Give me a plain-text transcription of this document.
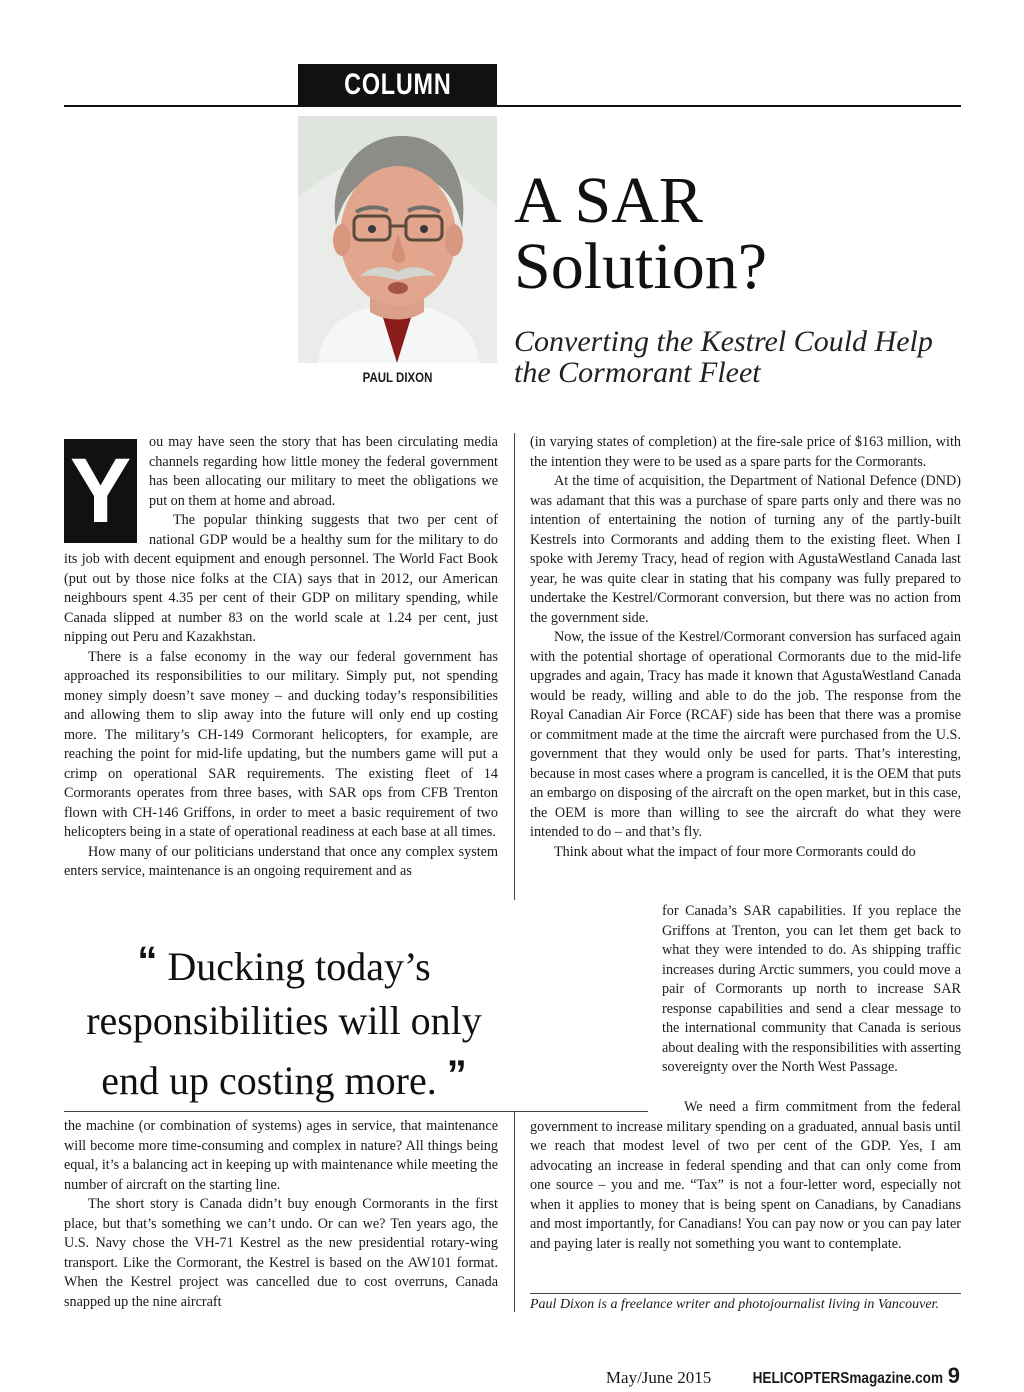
COLUMN
PAUL DIXON
A SAR
Solution?
Converting the Kestrel Could Help the Cormorant Fleet
Y	ou may have seen the story that has been circulating media channels regarding how little money the federal government has been allocating our military to meet the obligations we put on them at home and abroad.

The popular thinking suggests that two per cent of national GDP would be a healthy sum for the military to do its job with decent equipment and enough personnel. The World Fact Book (put out by those nice folks at the CIA) says that in 2012, our American neighbours spent 4.35 per cent of their GDP on military spending, while Canada slipped at number 83 on the world scale at 1.24 per cent, just nipping out Peru and Kazakhstan.

There is a false economy in the way our federal government has approached its responsibilities to our military. Simply put, not spending money simply doesn’t save money – and ducking today’s responsibilities and allowing them to slip away into the future will only end up costing more. The military’s CH-149 Cormorant helicopters, for example, are reaching the point for mid-life updating, but the numbers game will put a crimp on operational SAR requirements. The existing fleet of 14 Cormorants operates from three bases, with SAR ops from CFB Trenton flown with CH-146 Griffons, in order to meet a basic requirement of two helicopters being in a state of operational readiness at each base at all times.

How many of our politicians understand that once any complex system enters service, maintenance is an ongoing requirement and as

“ Ducking today’s responsibilities will only end up costing more. ”

the machine (or combination of systems) ages in service, that maintenance will become more time-consuming and complex in nature? All things being equal, it’s a balancing act in keeping up with maintenance while meeting the number of aircraft on the starting line.

The short story is Canada didn’t buy enough Cormorants in the first place, but that’s something we can’t undo. Or can we? Ten years ago, the U.S. Navy chose the VH-71 Kestrel as the new presidential rotary-wing transport. Like the Cormorant, the Kestrel is based on the AW101 format. When the Kestrel project was cancelled due to cost overruns, Canada snapped up the nine aircraft

(in varying states of completion) at the fire-sale price of $163 million, with the intention they were to be used as a spare parts for the Cormorants.

At the time of acquisition, the Department of National Defence (DND) was adamant that this was a purchase of spare parts only and there was no intention of entertaining the notion of turning any of the partly-built Kestrels into Cormorants and adding them to the existing fleet. When I spoke with Jeremy Tracy, head of region with AgustaWestland Canada last year, he was quite clear in stating that his company was fully prepared to undertake the Kestrel/Cormorant conversion, but there was no action from the government side.

Now, the issue of the Kestrel/Cormorant conversion has surfaced again with the potential shortage of operational Cormorants due to the mid-life upgrades and again, Tracy has made it known that AgustaWestland Canada would be ready, willing and able to do the job. The response from the Royal Canadian Air Force (RCAF) side has been that there was a promise or commitment made at the time the aircraft were purchased from the U.S. government that they would only be used for parts. That’s interesting, because in most cases where a program is cancelled, it is the OEM that puts an embargo on disposing of the aircraft on the open market, but in this case, the OEM is more than willing to see the aircraft do what they were intended to do – and that’s fly.

Think about what the impact of four more Cormorants could do

for Canada’s SAR capabilities. If you replace the Griffons at Trenton, you can let them get back to what they were intended to do. As shipping traffic increases during Arctic summers, you could move a pair of Cormorants up north to increase SAR response capabilities and send a clear message to the international community that Canada is serious about dealing with the responsibilities with asserting sovereignty over the North West Passage.

We need a firm commitment from the federal government to increase military spending on a graduated, annual basis until we reach that modest level of two per cent of the GDP. Yes, I am advocating an increase in federal spending and that can only come from one source – you and me. “Tax” is not a four-letter word, especially not when it applies to money that is being spent on Canadians, by Canadians and most importantly, for Canadians! You can pay now or you can pay later and paying later is really not something you want to contemplate.

Paul Dixon is a freelance writer and photojournalist living in Vancouver.
May/June 2015	HELICOPTERSmagazine.com 9
